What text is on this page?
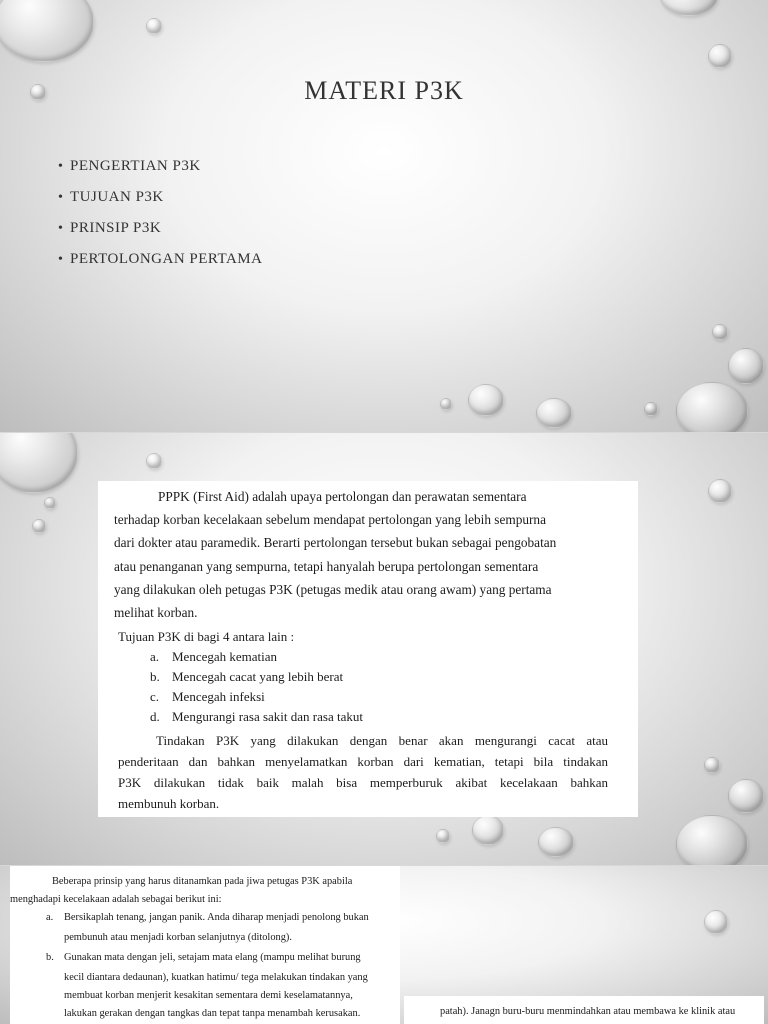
MATERI P3K
• PENGERTIAN P3K
• TUJUAN P3K
• PRINSIP P3K
• PERTOLONGAN PERTAMA
PPPK (First Aid) adalah upaya pertolongan dan perawatan sementara
terhadap korban kecelakaan sebelum mendapat pertolongan yang lebih sempurna
dari dokter atau paramedik. Berarti pertolongan tersebut bukan sebagai pengobatan
atau penanganan yang sempurna, tetapi hanyalah berupa pertolongan sementara
yang dilakukan oleh petugas P3K (petugas medik atau orang awam) yang pertama
melihat korban.
Tujuan P3K di bagi 4 antara lain :
a. Mencegah kematian
b. Mencegah cacat yang lebih berat
c. Mencegah infeksi
d. Mengurangi rasa sakit dan rasa takut
Tindakan P3K yang dilakukan dengan benar akan mengurangi cacat atau
penderitaan dan bahkan menyelamatkan korban dari kematian, tetapi bila tindakan
P3K dilakukan tidak baik malah bisa memperburuk akibat kecelakaan bahkan
membunuh korban.
Beberapa prinsip yang harus ditanamkan pada jiwa petugas P3K apabila
menghadapi kecelakaan adalah sebagai berikut ini:
a. Bersikaplah tenang, jangan panik. Anda diharap menjadi penolong bukan
pembunuh atau menjadi korban selanjutnya (ditolong).
b. Gunakan mata dengan jeli, setajam mata elang (mampu melihat burung
kecil diantara dedaunan), kuatkan hatimu/ tega melakukan tindakan yang
membuat korban menjerit kesakitan sementara demi keselamatannya,
lakukan gerakan dengan tangkas dan tepat tanpa menambah kerusakan.	patah). Janagn buru-buru menmindahkan atau membawa ke klinik atau
